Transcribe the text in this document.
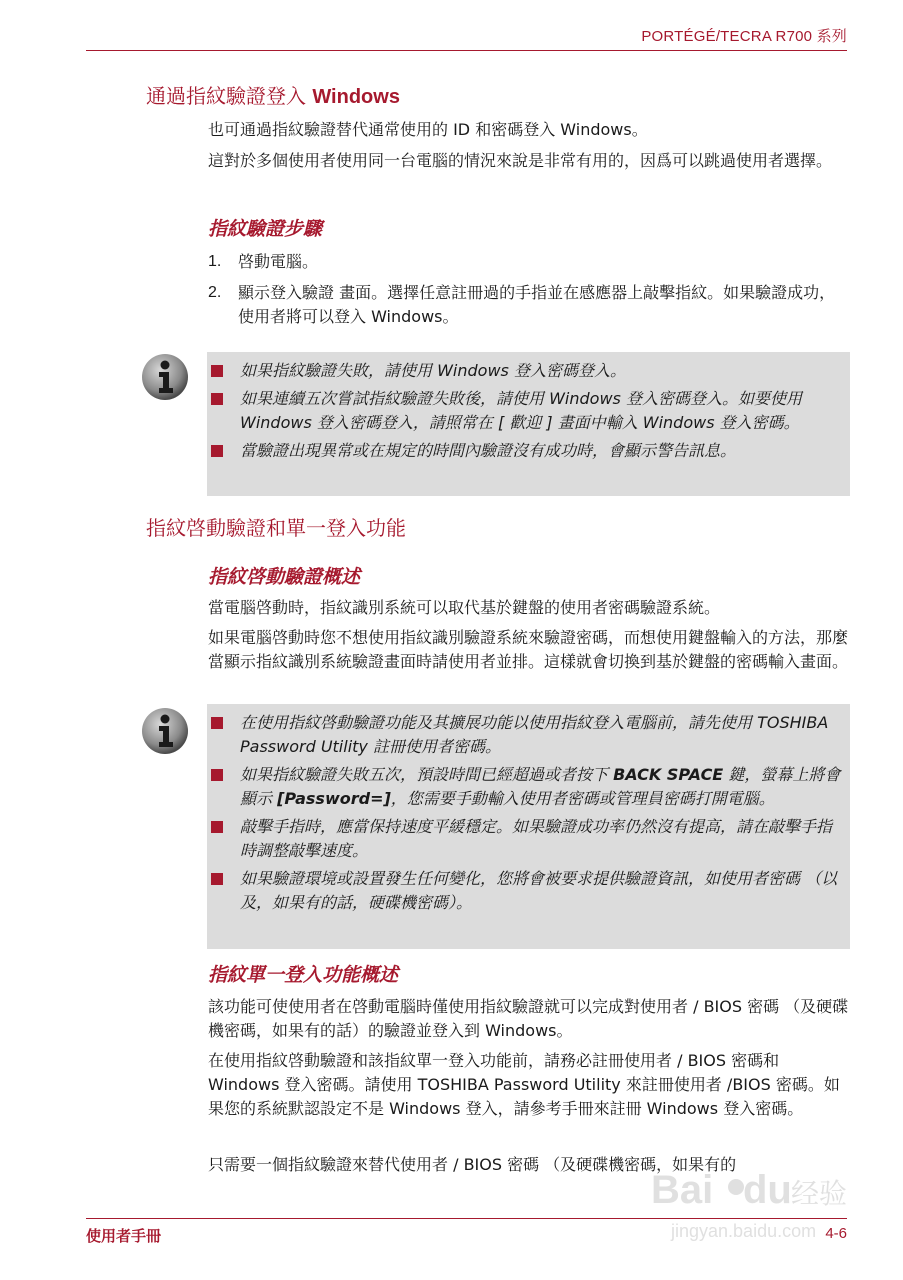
PORTÉGÉ/TECRA R700 系列
通過指紋驗證登入 Windows
也可通過指紋驗證替代通常使用的 ID 和密碼登入 Windows。
這對於多個使用者使用同一台電腦的情況來說是非常有用的，因爲可以跳過使用者選擇。
指紋驗證步驟
1. 啓動電腦。
2. 顯示登入驗證 畫面。選擇任意註冊過的手指並在感應器上敲擊指紋。如果驗證成功，使用者將可以登入 Windows。
如果指紋驗證失敗，請使用 Windows 登入密碼登入。
如果連續五次嘗試指紋驗證失敗後，請使用 Windows 登入密碼登入。如要使用 Windows 登入密碼登入，請照常在 [ 歡迎 ] 畫面中輸入 Windows 登入密碼。
當驗證出現異常或在規定的時間內驗證沒有成功時，會顯示警告訊息。
指紋啓動驗證和單一登入功能
指紋啓動驗證概述
當電腦啓動時，指紋識別系統可以取代基於鍵盤的使用者密碼驗證系統。
如果電腦啓動時您不想使用指紋識別驗證系統來驗證密碼，而想使用鍵盤輸入的方法，那麼當顯示指紋識別系統驗證畫面時請使用者並排。這樣就會切換到基於鍵盤的密碼輸入畫面。
在使用指紋啓動驗證功能及其擴展功能以使用指紋登入電腦前，請先使用 TOSHIBA Password Utility 註冊使用者密碼。
如果指紋驗證失敗五次，預設時間已經超過或者按下 BACK SPACE 鍵，螢幕上將會顯示 [Password=]，您需要手動輸入使用者密碼或管理員密碼打開電腦。
敲擊手指時，應當保持速度平緩穩定。如果驗證成功率仍然沒有提高，請在敲擊手指時調整敲擊速度。
如果驗證環境或設置發生任何變化，您將會被要求提供驗證資訊，如使用者密碼 （以及，如果有的話，硬碟機密碼）。
指紋單一登入功能概述
該功能可使使用者在啓動電腦時僅使用指紋驗證就可以完成對使用者 / BIOS 密碼 （及硬碟機密碼，如果有的話）的驗證並登入到 Windows。
在使用指紋啓動驗證和該指紋單一登入功能前，請務必註冊使用者 / BIOS 密碼和 Windows 登入密碼。請使用 TOSHIBA Password Utility 來註冊使用者 /BIOS 密碼。如果您的系統默認設定不是 Windows 登入，請參考手冊來註冊 Windows 登入密碼。
只需要一個指紋驗證來替代使用者 / BIOS 密碼 （及硬碟機密碼，如果有的
Bai du 经验
jingyan.baidu.com
使用者手冊	4-6
